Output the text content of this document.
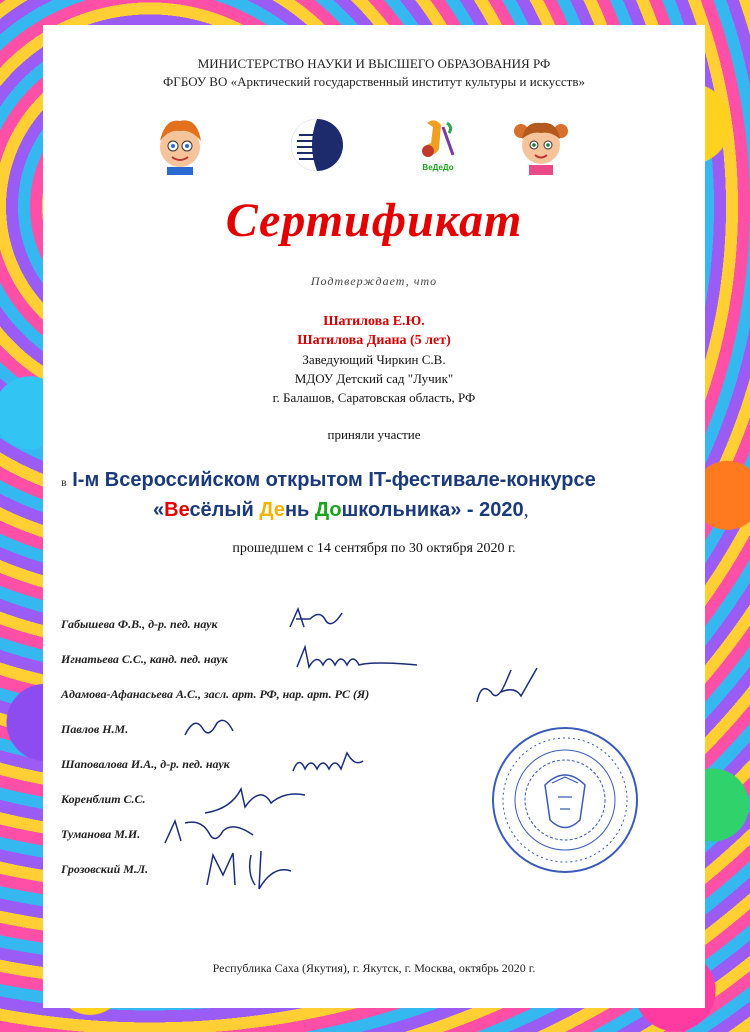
МИНИСТЕРСТВО НАУКИ И ВЫСШЕГО ОБРАЗОВАНИЯ РФ
ФГБОУ ВО «Арктический государственный институт культуры и искусств»
ВеДеДо
Сертификат
Подтверждает, что
Шатилова Е.Ю.
Шатилова Диана (5 лет)
Заведующий Чиркин С.В.
МДОУ Детский сад "Лучик"
г. Балашов, Саратовская область, РФ
приняли участие
в I-м Всероссийском открытом IT-фестивале-конкурсе
«Весёлый День Дошкольника» - 2020,
прошедшем с 14 сентября по 30 октября 2020 г.
Габышева Ф.В., д-р. пед. наук
Игнатьева С.С., канд. пед. наук
Адамова-Афанасьева А.С., засл. арт. РФ, нар. арт. РС (Я)
Павлов Н.М.
Шаповалова И.А., д-р. пед. наук
Коренблит С.С.
Туманова М.И.
Грозовский М.Л.
Республика Саха (Якутия), г. Якутск, г. Москва, октябрь 2020 г.
